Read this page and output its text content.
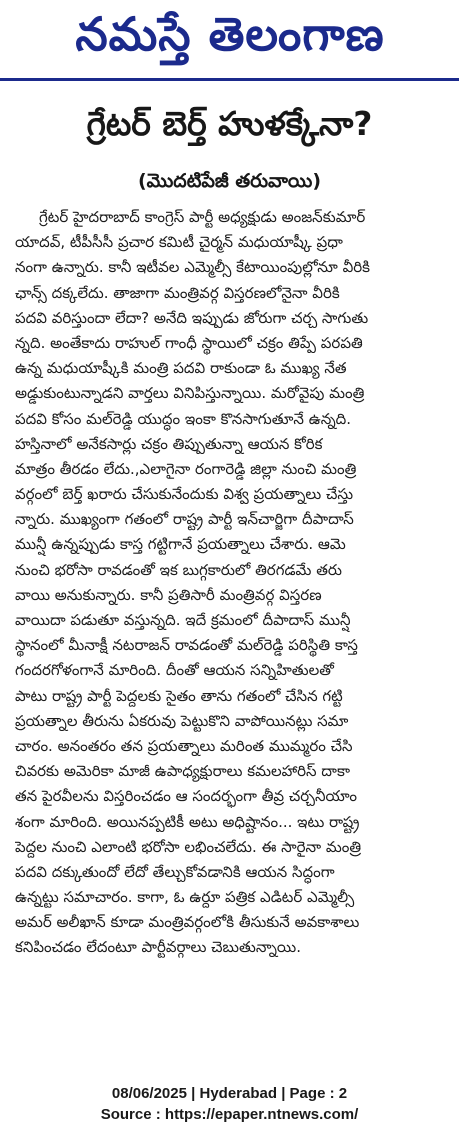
నమస్తే తెలంగాణ
గ్రేటర్ బెర్త్ హుళక్కేనా?
(మొదటిపేజీ తరువాయి)
గ్రేటర్ హైదరాబాద్ కాంగ్రెస్ పార్టీ అధ్యక్షుడు అంజన్‌కుమార్
యాదవ్, టీపీసీసీ ప్రచార కమిటీ చైర్మన్ మధుయాష్కీ ప్రధా
నంగా ఉన్నారు. కానీ ఇటీవల ఎమ్మెల్సీ కేటాయింపుల్లోనూ వీరికి
ఛాన్స్ దక్కలేదు. తాజాగా మంత్రివర్గ విస్తరణలోనైనా వీరికి
పదవి వరిస్తుందా లేదా? అనేది ఇప్పుడు జోరుగా చర్చ సాగుతు
న్నది. అంతేకాదు రాహుల్ గాంధీ స్థాయిలో చక్రం తిప్పే పరపతి
ఉన్న మధుయాష్కీకి మంత్రి పదవి రాకుండా ఓ ముఖ్య నేత
అడ్డుకుంటున్నాడని వార్తలు వినిపిస్తున్నాయి. మరోవైపు మంత్రి
పదవి కోసం మల్‌రెడ్డి యుద్ధం ఇంకా కొనసాగుతూనే ఉన్నది.
హస్తినాలో అనేకసార్లు చక్రం తిప్పుతున్నా ఆయన కోరిక
మాత్రం తీరడం లేదు.,ఎలాగైనా రంగారెడ్డి జిల్లా నుంచి మంత్రి
వర్గంలో బెర్త్ ఖరారు చేసుకునేందుకు విశ్వ ప్రయత్నాలు చేస్తు
న్నారు. ముఖ్యంగా గతంలో రాష్ట్ర పార్టీ ఇన్‌చార్జిగా దీపాదాస్
మున్షీ ఉన్నప్పుడు కాస్త గట్టిగానే ప్రయత్నాలు చేశారు. ఆమె
నుంచి భరోసా రావడంతో ఇక బుగ్గకారులో తిరగడమే తరు
వాయి అనుకున్నారు. కానీ ప్రతిసారీ మంత్రివర్గ విస్తరణ
వాయిదా పడుతూ వస్తున్నది. ఇదే క్రమంలో దీపాదాస్ మున్షీ
స్థానంలో మీనాక్షీ నటరాజన్ రావడంతో మల్‌రెడ్డి పరిస్థితి కాస్త
గందరగోళంగానే మారింది. దీంతో ఆయన సన్నిహితులతో
పాటు రాష్ట్ర పార్టీ పెద్దలకు సైతం తాను గతంలో చేసిన గట్టి
ప్రయత్నాల తీరును ఏకరువు పెట్టుకొని వాపోయినట్లు సమా
చారం. అనంతరం తన ప్రయత్నాలు మరింత ముమ్మరం చేసి
చివరకు అమెరికా మాజీ ఉపాధ్యక్షురాలు కమలహారిస్ దాకా
తన పైరవీలను విస్తరించడం ఆ సందర్భంగా తీవ్ర చర్చనీయాం
శంగా మారింది. అయినప్పటికీ అటు అధిష్టానం... ఇటు రాష్ట్ర
పెద్దల నుంచి ఎలాంటి భరోసా లభించలేదు. ఈ సారైనా మంత్రి
పదవి దక్కుతుందో లేదో తేల్చుకోవడానికి ఆయన సిద్ధంగా
ఉన్నట్టు సమాచారం. కాగా, ఓ ఉర్దూ పత్రిక ఎడిటర్ ఎమ్మెల్సీ
అమర్ అలీఖాన్ కూడా మంత్రివర్గంలోకి తీసుకునే అవకాశాలు
కనిపించడం లేదంటూ పార్టీవర్గాలు చెబుతున్నాయి.
08/06/2025 | Hyderabad | Page : 2
Source : https://epaper.ntnews.com/
